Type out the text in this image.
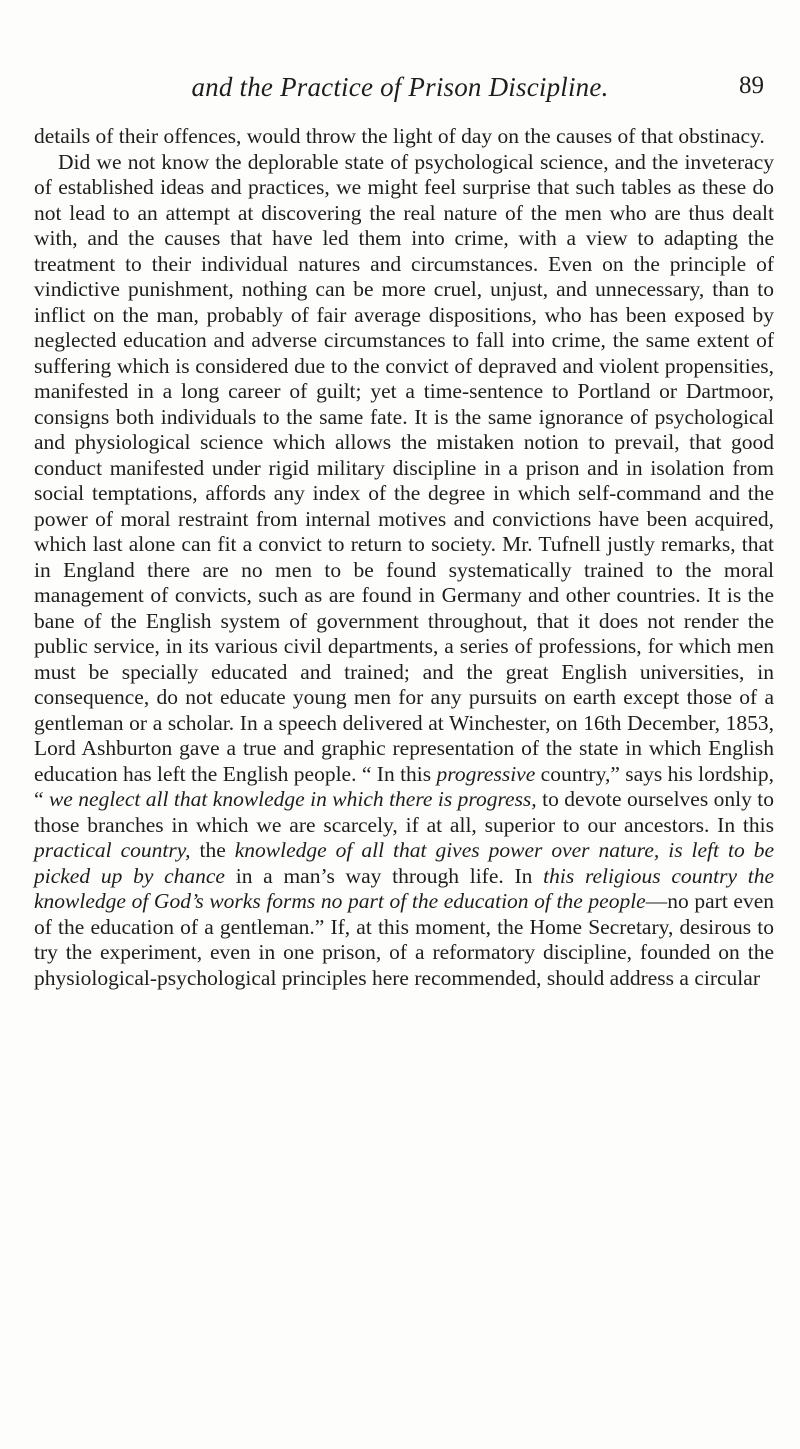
and the Practice of Prison Discipline.	89

details of their offences, would throw the light of day on the causes of that obstinacy.

Did we not know the deplorable state of psychological science, and the inveteracy of established ideas and practices, we might feel surprise that such tables as these do not lead to an attempt at discovering the real nature of the men who are thus dealt with, and the causes that have led them into crime, with a view to adapting the treatment to their individual natures and circumstances. Even on the principle of vindictive punishment, nothing can be more cruel, unjust, and unnecessary, than to inflict on the man, probably of fair average dispositions, who has been exposed by neglected education and adverse circumstances to fall into crime, the same extent of suffering which is considered due to the convict of depraved and violent propensities, manifested in a long career of guilt; yet a time-sentence to Portland or Dartmoor, consigns both individuals to the same fate. It is the same ignorance of psychological and physiological science which allows the mistaken notion to prevail, that good conduct manifested under rigid military discipline in a prison and in isolation from social temptations, affords any index of the degree in which self-command and the power of moral restraint from internal motives and convictions have been acquired, which last alone can fit a convict to return to society. Mr. Tufnell justly remarks, that in England there are no men to be found systematically trained to the moral management of convicts, such as are found in Germany and other countries. It is the bane of the English system of government throughout, that it does not render the public service, in its various civil departments, a series of professions, for which men must be specially educated and trained; and the great English universities, in consequence, do not educate young men for any pursuits on earth except those of a gentleman or a scholar. In a speech delivered at Winchester, on 16th December, 1853, Lord Ashburton gave a true and graphic representation of the state in which English education has left the English people. “ In this progressive country,” says his lordship, “ we neglect all that knowledge in which there is progress, to devote ourselves only to those branches in which we are scarcely, if at all, superior to our ancestors. In this practical country, the knowledge of all that gives power over nature, is left to be picked up by chance in a man’s way through life. In this religious country the knowledge of God’s works forms no part of the education of the people—no part even of the education of a gentleman.” If, at this moment, the Home Secretary, desirous to try the experiment, even in one prison, of a reformatory discipline, founded on the physiological-psychological principles here recommended, should address a circular
